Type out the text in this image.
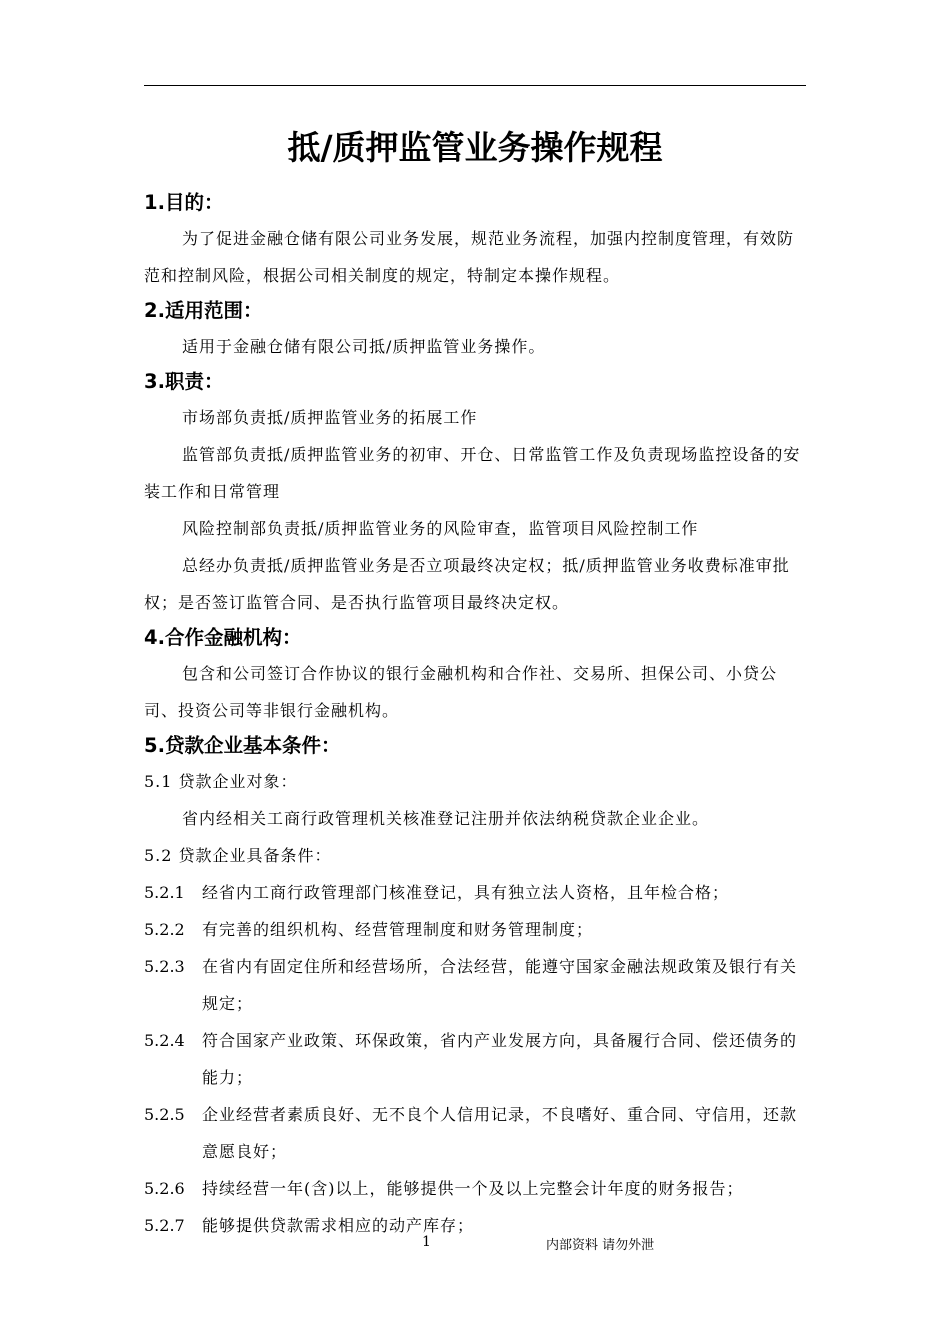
抵/质押监管业务操作规程
1.目的：
为了促进金融仓储有限公司业务发展，规范业务流程，加强内控制度管理，有效防范和控制风险，根据公司相关制度的规定，特制定本操作规程。
2.适用范围：
适用于金融仓储有限公司抵/质押监管业务操作。
3.职责：
市场部负责抵/质押监管业务的拓展工作
监管部负责抵/质押监管业务的初审、开仓、日常监管工作及负责现场监控设备的安装工作和日常管理
风险控制部负责抵/质押监管业务的风险审查，监管项目风险控制工作
总经办负责抵/质押监管业务是否立项最终决定权；抵/质押监管业务收费标准审批权；是否签订监管合同、是否执行监管项目最终决定权。
4.合作金融机构：
包含和公司签订合作协议的银行金融机构和合作社、交易所、担保公司、小贷公司、投资公司等非银行金融机构。
5.贷款企业基本条件：
5.1 贷款企业对象：
省内经相关工商行政管理机关核准登记注册并依法纳税贷款企业企业。
5.2 贷款企业具备条件：
5.2.1	经省内工商行政管理部门核准登记，具有独立法人资格，且年检合格；
5.2.2	有完善的组织机构、经营管理制度和财务管理制度；
5.2.3	在省内有固定住所和经营场所，合法经营，能遵守国家金融法规政策及银行有关规定；
5.2.4	符合国家产业政策、环保政策，省内产业发展方向，具备履行合同、偿还债务的能力；
5.2.5	企业经营者素质良好、无不良个人信用记录，不良嗜好、重合同、守信用，还款意愿良好；
5.2.6	持续经营一年(含)以上，能够提供一个及以上完整会计年度的财务报告；
5.2.7	能够提供贷款需求相应的动产库存；
1	内部资料 请勿外泄
